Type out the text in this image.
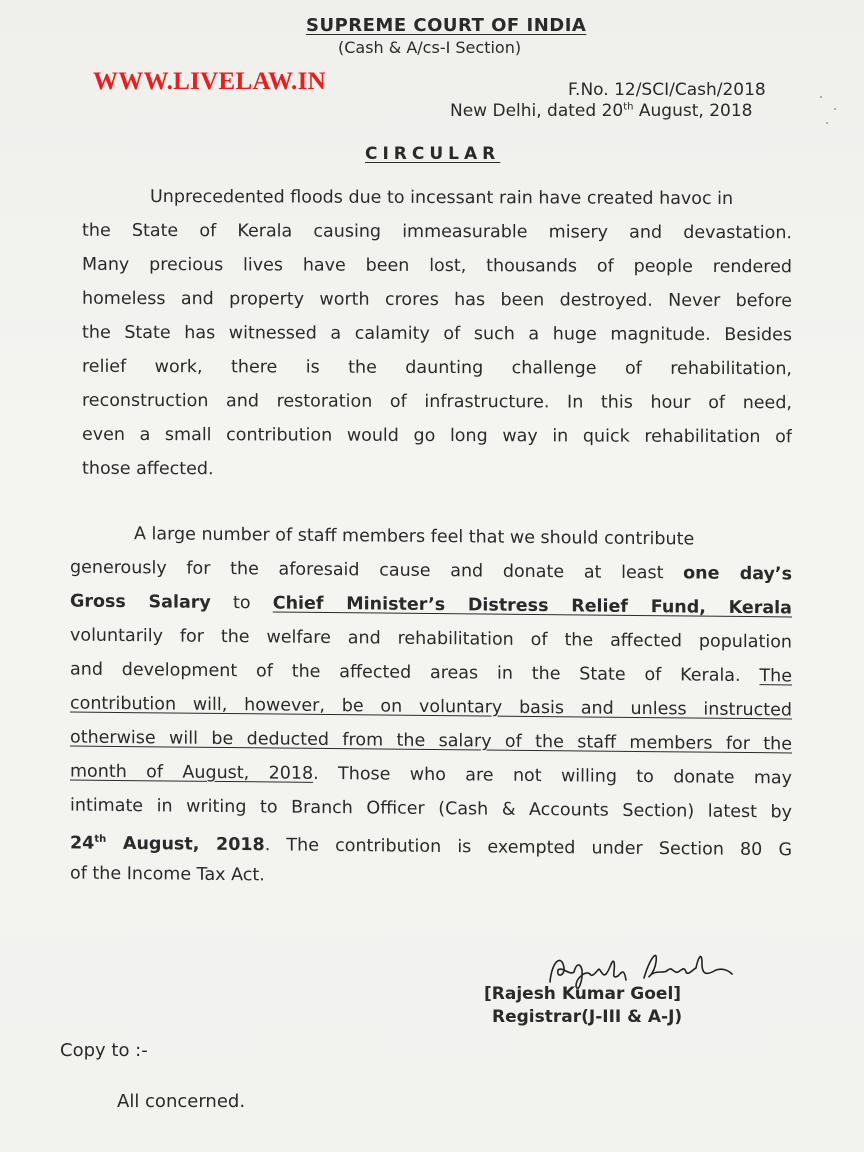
SUPREME COURT OF INDIA
(Cash & A/cs-I Section)
WWW.LIVELAW.IN	F.No. 12/SCI/Cash/2018
New Delhi, dated 20th August, 2018
CIRCULAR
Unprecedented floods due to incessant rain have created havoc in
the State of Kerala causing immeasurable misery and devastation.
Many precious lives have been lost, thousands of people rendered
homeless and property worth crores has been destroyed. Never before
the State has witnessed a calamity of such a huge magnitude. Besides
relief work, there is the daunting challenge of rehabilitation,
reconstruction and restoration of infrastructure. In this hour of need,
even a small contribution would go long way in quick rehabilitation of
those affected.
A large number of staff members feel that we should contribute
generously for the aforesaid cause and donate at least one day’s
Gross Salary to Chief Minister’s Distress Relief Fund, Kerala
voluntarily for the welfare and rehabilitation of the affected population
and development of the affected areas in the State of Kerala. The
contribution will, however, be on voluntary basis and unless instructed
otherwise will be deducted from the salary of the staff members for the
month of August, 2018. Those who are not willing to donate may
intimate in writing to Branch Officer (Cash & Accounts Section) latest by
24th August, 2018. The contribution is exempted under Section 80 G
of the Income Tax Act.
[Rajesh Kumar Goel]
Registrar(J-III & A-J)
Copy to :-
All concerned.
